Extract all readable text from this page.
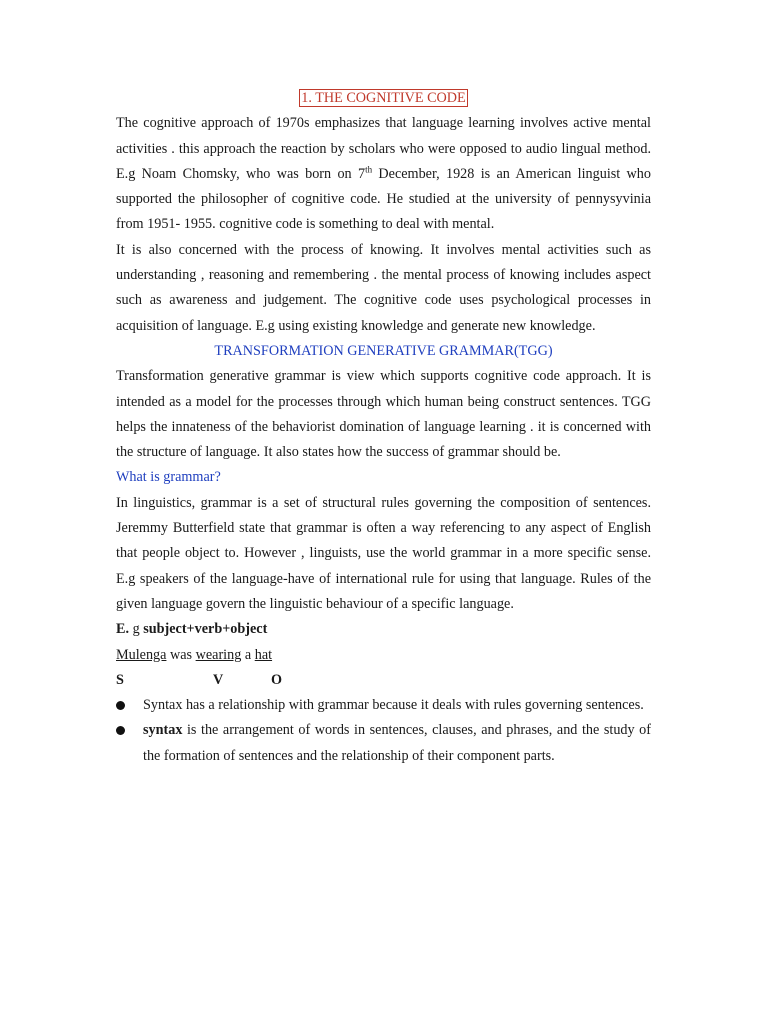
1. THE COGNITIVE CODE

The cognitive approach of 1970s emphasizes that language learning involves active mental activities . this approach the reaction by scholars who were opposed to audio lingual method. E.g Noam Chomsky, who was born on 7th December, 1928 is an American linguist who supported the philosopher of cognitive code. He studied at the university of pennysyvinia from 1951- 1955. cognitive code is something to deal with mental.

It is also concerned with the process of knowing. It involves mental activities such as understanding , reasoning and remembering . the mental process of knowing includes aspect such as awareness and judgement. The cognitive code uses psychological processes in acquisition of language. E.g using existing knowledge and generate new knowledge.

TRANSFORMATION GENERATIVE GRAMMAR(TGG)

Transformation generative grammar is view which supports cognitive code approach. It is intended as a model for the processes through which human being construct sentences. TGG helps the innateness of the behaviorist domination of language learning . it is concerned with the structure of language. It also states how the success of grammar should be.

What is grammar?

In linguistics, grammar is a set of structural rules governing the composition of sentences. Jeremmy Butterfield state that grammar is often a way referencing to any aspect of English that people object to. However , linguists, use the world grammar in a more specific sense. E.g speakers of the language-have of international rule for using that language. Rules of the given language govern the linguistic behaviour of a specific language.

E. g subject+verb+object

Mulenga was wearing a hat

S	V	O
Syntax has a relationship with grammar because it deals with rules governing sentences.
syntax is the arrangement of words in sentences, clauses, and phrases, and the study of the formation of sentences and the relationship of their component parts.
